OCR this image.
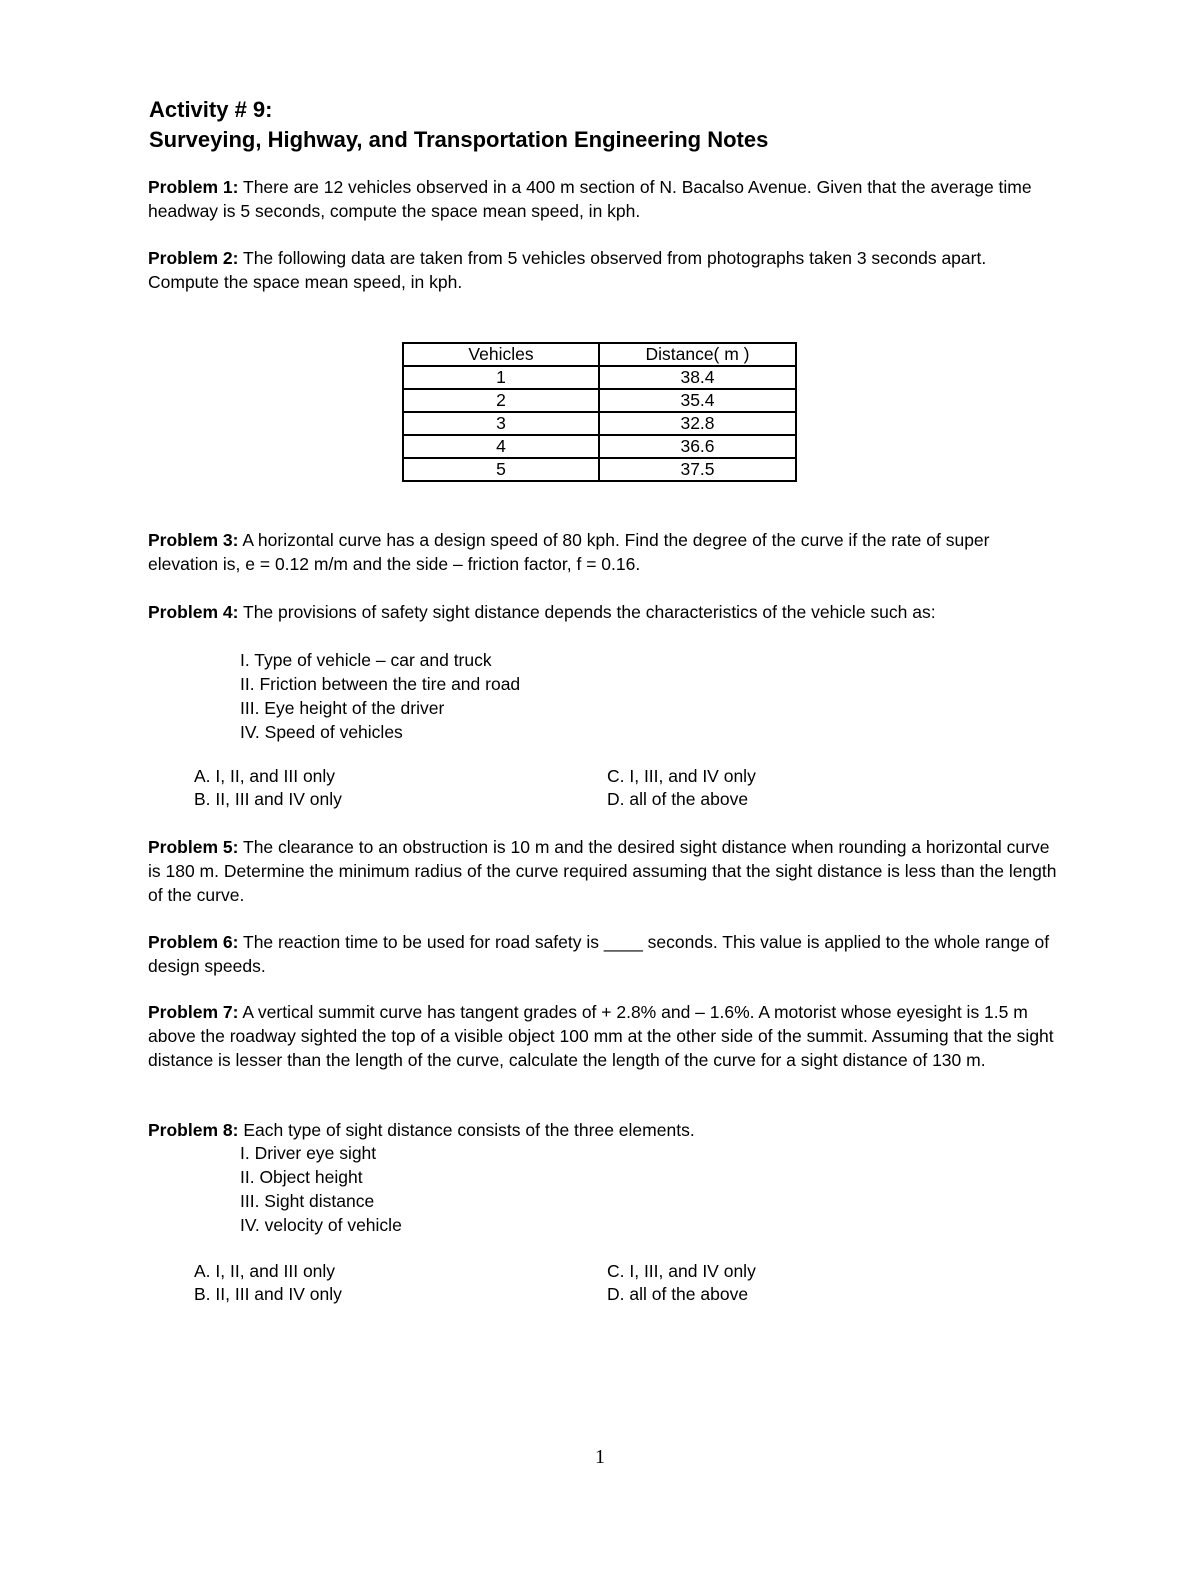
Activity # 9:
Surveying, Highway, and Transportation Engineering Notes

Problem 1: There are 12 vehicles observed in a 400 m section of N. Bacalso Avenue. Given that the average time headway is 5 seconds, compute the space mean speed, in kph.

Problem 2: The following data are taken from 5 vehicles observed from photographs taken 3 seconds apart. Compute the space mean speed, in kph.

Vehicles	Distance( m )
1	38.4
2	35.4
3	32.8
4	36.6
5	37.5

Problem 3: A horizontal curve has a design speed of 80 kph. Find the degree of the curve if the rate of super elevation is, e = 0.12 m/m and the side – friction factor, f = 0.16.

Problem 4: The provisions of safety sight distance depends the characteristics of the vehicle such as:

I. Type of vehicle – car and truck
II. Friction between the tire and road
III. Eye height of the driver
IV. Speed of vehicles
A. I, II, and III only
B. II, III and IV only
C. I, III, and IV only
D. all of the above

Problem 5: The clearance to an obstruction is 10 m and the desired sight distance when rounding a horizontal curve is 180 m. Determine the minimum radius of the curve required assuming that the sight distance is less than the length of the curve.

Problem 6: The reaction time to be used for road safety is ____ seconds. This value is applied to the whole range of design speeds.

Problem 7: A vertical summit curve has tangent grades of + 2.8% and – 1.6%. A motorist whose eyesight is 1.5 m above the roadway sighted the top of a visible object 100 mm at the other side of the summit. Assuming that the sight distance is lesser than the length of the curve, calculate the length of the curve for a sight distance of 130 m.

Problem 8: Each type of sight distance consists of the three elements.

I. Driver eye sight
II. Object height
III. Sight distance
IV. velocity of vehicle
A. I, II, and III only
B. II, III and IV only
C. I, III, and IV only
D. all of the above
1
